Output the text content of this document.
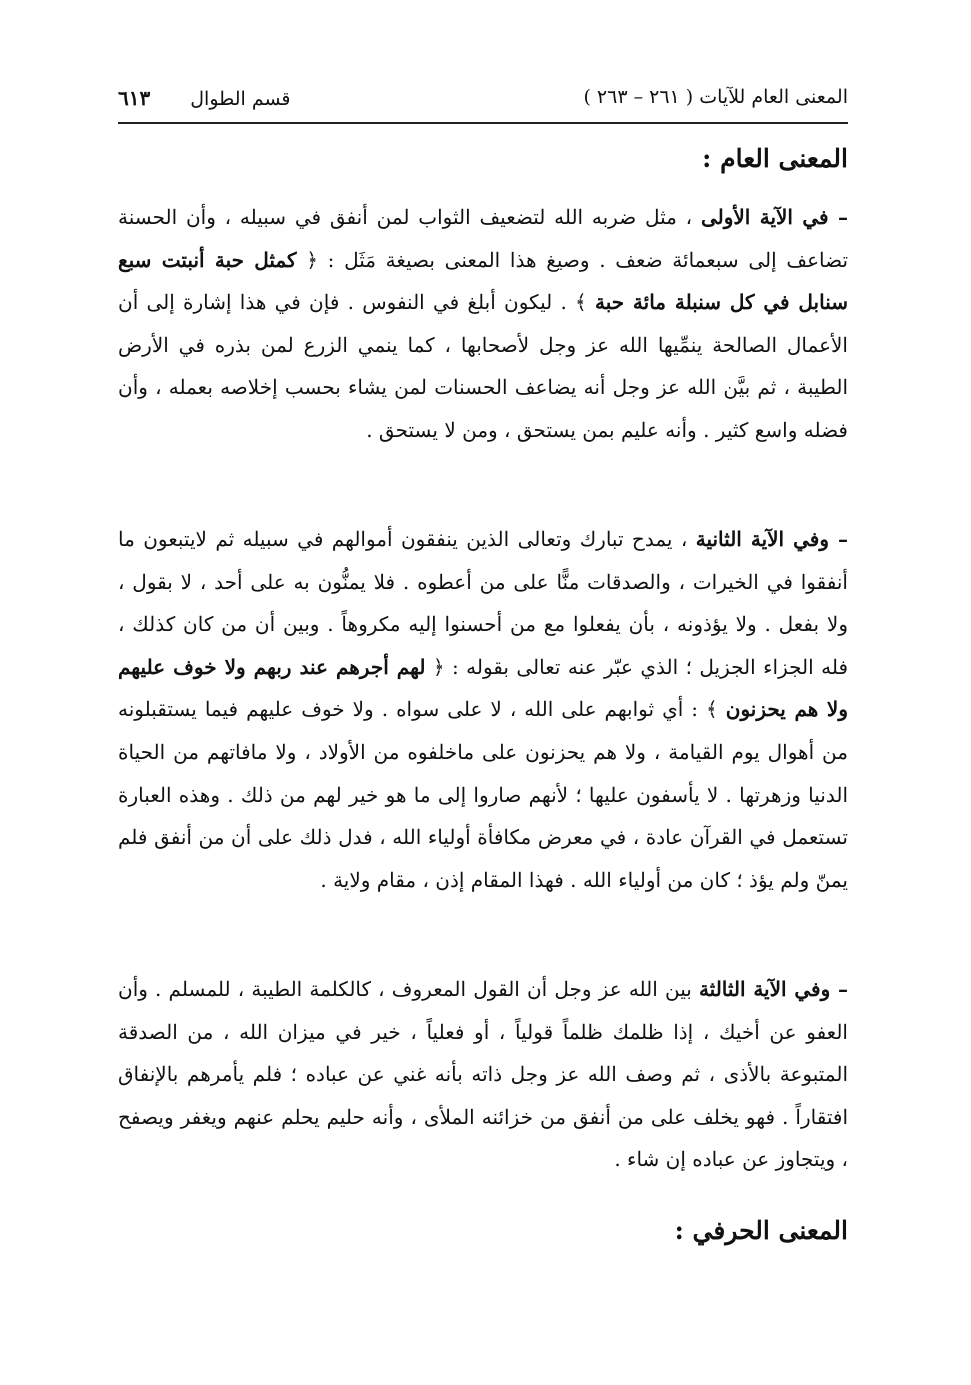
قسم الطوال
٦١٣	المعنى العام للآيات ( ٢٦١ – ٢٦٣ )
المعنى العام :

– في الآية الأولى ، مثل ضربه الله لتضعيف الثواب لمن أنفق في سبيله ، وأن الحسنة تضاعف إلى سبعمائة ضعف . وصيغ هذا المعنى بصيغة مَثَل : ﴿ كمثل حبة أنبتت سبع سنابل في كل سنبلة مائة حبة ﴾ . ليكون أبلغ في النفوس . فإن في هذا إشارة إلى أن الأعمال الصالحة ينمِّيها الله عز وجل لأصحابها ، كما ينمي الزرع لمن بذره في الأرض الطيبة ، ثم بيَّن الله عز وجل أنه يضاعف الحسنات لمن يشاء بحسب إخلاصه بعمله ، وأن فضله واسع كثير . وأنه عليم بمن يستحق ، ومن لا يستحق .

– وفي الآية الثانية ، يمدح تبارك وتعالى الذين ينفقون أموالهم في سبيله ثم لايتبعون ما أنفقوا في الخيرات ، والصدقات منًّا على من أعطوه . فلا يمنُّون به على أحد ، لا بقول ، ولا بفعل . ولا يؤذونه ، بأن يفعلوا مع من أحسنوا إليه مكروهاً . وبين أن من كان كذلك ، فله الجزاء الجزيل ؛ الذي عبّر عنه تعالى بقوله : ﴿ لهم أجرهم عند ربهم ولا خوف عليهم ولا هم يحزنون ﴾ : أي ثوابهم على الله ، لا على سواه . ولا خوف عليهم فيما يستقبلونه من أهوال يوم القيامة ، ولا هم يحزنون على ماخلفوه من الأولاد ، ولا مافاتهم من الحياة الدنيا وزهرتها . لا يأسفون عليها ؛ لأنهم صاروا إلى ما هو خير لهم من ذلك . وهذه العبارة تستعمل في القرآن عادة ، في معرض مكافأة أولياء الله ، فدل ذلك على أن من أنفق فلم يمنّ ولم يؤذ ؛ كان من أولياء الله . فهذا المقام إذن ، مقام ولاية .

– وفي الآية الثالثة بين الله عز وجل أن القول المعروف ، كالكلمة الطيبة ، للمسلم . وأن العفو عن أخيك ، إذا ظلمك ظلماً قولياً ، أو فعلياً ، خير في ميزان الله ، من الصدقة المتبوعة بالأذى ، ثم وصف الله عز وجل ذاته بأنه غني عن عباده ؛ فلم يأمرهم بالإنفاق افتقاراً . فهو يخلف على من أنفق من خزائنه الملأى ، وأنه حليم يحلم عنهم ويغفر ويصفح ، ويتجاوز عن عباده إن شاء .

المعنى الحرفي :
